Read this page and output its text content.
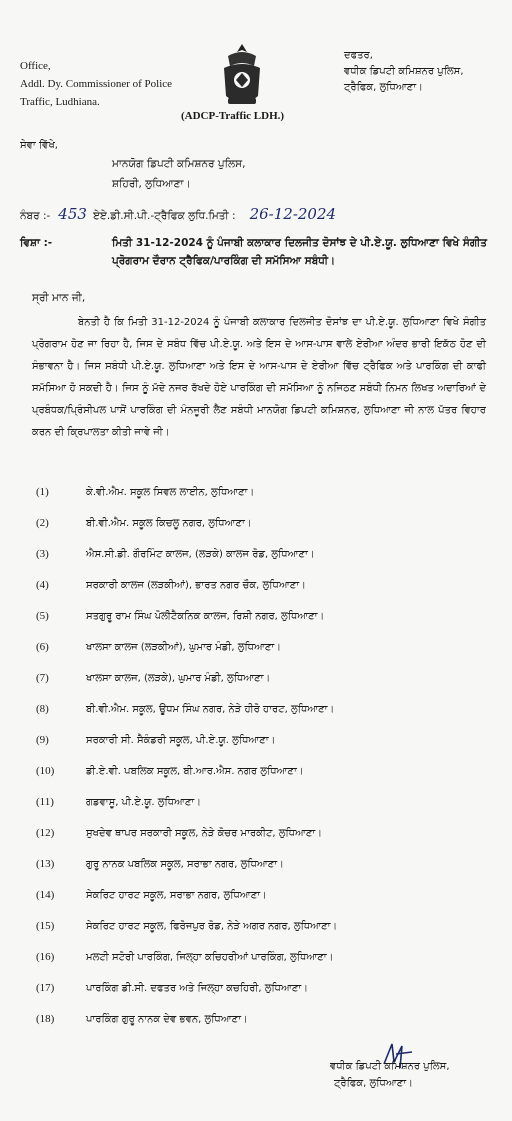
Office,
Addl. Dy. Commissioner of Police
Traffic, Ludhiana.
(ADCP-Traffic LDH.)
ਦਫਤਰ,
ਵਧੀਕ ਡਿਪਟੀ ਕਮਿਸ਼ਨਰ ਪੁਲਿਸ,
ਟ੍ਰੈਫਿਕ, ਲੁਧਿਆਣਾ।
ਸੇਵਾ ਵਿੱਖੇ,
ਮਾਨਯੋਗ ਡਿਪਟੀ ਕਮਿਸ਼ਨਰ ਪੁਲਿਸ,
ਸ਼ਹਿਰੀ, ਲੁਧਿਆਣਾ।
ਨੰਬਰ :- 453 ਏਏ.ਡੀ.ਸੀ.ਪੀ.-ਟ੍ਰੈਫਿਕ ਲੁਧਿ.ਮਿਤੀ : 26-12-2024
ਵਿਸ਼ਾ :-	ਮਿਤੀ 31-12-2024 ਨੂੰ ਪੰਜਾਬੀ ਕਲਾਕਾਰ ਦਿਲਜੀਤ ਦੋਸਾਂਝ ਦੇ ਪੀ.ਏ.ਯੂ. ਲੁਧਿਆਣਾ ਵਿਖੇ ਸੰਗੀਤ ਪ੍ਰੋਗਰਾਮ ਦੌਰਾਨ ਟ੍ਰੈਫਿਕ/ਪਾਰਕਿੰਗ ਦੀ ਸਮੱਸਿਆ ਸਬੰਧੀ।
ਸ੍ਰੀ ਮਾਨ ਜੀ,
ਬੇਨਤੀ ਹੈ ਕਿ ਮਿਤੀ 31-12-2024 ਨੂੰ ਪੰਜਾਬੀ ਕਲਾਕਾਰ ਦਿਲਜੀਤ ਦੋਸਾਂਝ ਦਾ ਪੀ.ਏ.ਯੂ. ਲੁਧਿਆਣਾ ਵਿਖੇ ਸੰਗੀਤ ਪ੍ਰੋਗਰਾਮ ਹੋਣ ਜਾ ਰਿਹਾ ਹੈ, ਜਿਸ ਦੇ ਸਬੰਧ ਵਿੱਚ ਪੀ.ਏ.ਯੂ. ਅਤੇ ਇਸ ਦੇ ਆਸ-ਪਾਸ ਵਾਲੇ ਏਰੀਆ ਅੰਦਰ ਭਾਰੀ ਇਕੱਠ ਹੋਣ ਦੀ ਸੰਭਾਵਨਾ ਹੈ। ਜਿਸ ਸਬੰਧੀ ਪੀ.ਏ.ਯੂ. ਲੁਧਿਆਣਾ ਅਤੇ ਇਸ ਦੇ ਆਸ-ਪਾਸ ਦੇ ਏਰੀਆ ਵਿੱਚ ਟ੍ਰੈਫਿਕ ਅਤੇ ਪਾਰਕਿੰਗ ਦੀ ਕਾਫੀ ਸਮੱਸਿਆ ਹੋ ਸਕਦੀ ਹੈ। ਜਿਸ ਨੂੰ ਮੱਦੇ ਨਜਰ ਰੱਖਦੇ ਹੋਏ ਪਾਰਕਿੰਗ ਦੀ ਸਮੱਸਿਆ ਨੂੰ ਨਜਿਠਣ ਸਬੰਧੀ ਨਿਮਨ ਲਿਖਤ ਅਦਾਰਿਆਂ ਦੇ ਪ੍ਰਬੰਧਕ/ਪ੍ਰਿੰਸੀਪਲ ਪਾਸੋਂ ਪਾਰਕਿੰਗ ਦੀ ਮੰਨਜੂਰੀ ਲੈਣ ਸਬੰਧੀ ਮਾਨਯੋਗ ਡਿਪਟੀ ਕਮਿਸ਼ਨਰ, ਲੁਧਿਆਣਾ ਜੀ ਨਾਲ ਪੱਤਰ ਵਿਹਾਰ ਕਰਨ ਦੀ ਕ੍ਰਿਪਾਲਤਾ ਕੀਤੀ ਜਾਵੇ ਜੀ।
(1)	ਕੇ.ਵੀ.ਐਮ. ਸਕੂਲ ਸਿਵਲ ਲਾਈਨ, ਲੁਧਿਆਣਾ।
(2)	ਬੀ.ਵੀ.ਐਮ. ਸਕੂਲ ਕਿਚਲੂ ਨਗਰ, ਲੁਧਿਆਣਾ।
(3)	ਐਸ.ਸੀ.ਡੀ. ਗੌਰਮਿੰਟ ਕਾਲਜ, (ਲੜਕੇ) ਕਾਲਜ ਰੋਡ, ਲੁਧਿਆਣਾ।
(4)	ਸਰਕਾਰੀ ਕਾਲਜ (ਲੜਕੀਆਂ), ਭਾਰਤ ਨਗਰ ਚੌਕ, ਲੁਧਿਆਣਾ।
(5)	ਸਤਗੁਰੂ ਰਾਮ ਸਿੰਘ ਪੋਲੀਟੈਕਨਿਕ ਕਾਲਜ, ਰਿਸ਼ੀ ਨਗਰ, ਲੁਧਿਆਣਾ।
(6)	ਖਾਲਸਾ ਕਾਲਜ (ਲੜਕੀਆਂ), ਘੁਮਾਰ ਮੰਡੀ, ਲੁਧਿਆਣਾ।
(7)	ਖਾਲਸਾ ਕਾਲਜ, (ਲੜਕੇ), ਘੁਮਾਰ ਮੰਡੀ, ਲੁਧਿਆਣਾ।
(8)	ਬੀ.ਵੀ.ਐਮ. ਸਕੂਲ, ਊਧਮ ਸਿੰਘ ਨਗਰ, ਨੇੜੇ ਹੀਰੋ ਹਾਰਟ, ਲੁਧਿਆਣਾ।
(9)	ਸਰਕਾਰੀ ਸੀ. ਸੈਕੰਡਰੀ ਸਕੂਲ, ਪੀ.ਏ.ਯੂ. ਲੁਧਿਆਣਾ।
(10)	ਡੀ.ਏ.ਵੀ. ਪਬਲਿਕ ਸਕੂਲ, ਬੀ.ਆਰ.ਐਸ. ਨਗਰ ਲੁਧਿਆਣਾ।
(11)	ਗਡਵਾਸੂ, ਪੀ.ਏ.ਯੂ. ਲੁਧਿਆਣਾ।
(12)	ਸੁਖਦੇਵ ਥਾਪਰ ਸਰਕਾਰੀ ਸਕੂਲ, ਨੇੜੇ ਕੋਚਰ ਮਾਰਕੀਟ, ਲੁਧਿਆਣਾ।
(13)	ਗੁਰੂ ਨਾਨਕ ਪਬਲਿਕ ਸਕੂਲ, ਸਰਾਭਾ ਨਗਰ, ਲੁਧਿਆਣਾ।
(14)	ਸੇਕਰਿਟ ਹਾਰਟ ਸਕੂਲ, ਸਰਾਭਾ ਨਗਰ, ਲੁਧਿਆਣਾ।
(15)	ਸੇਕਰਿਟ ਹਾਰਟ ਸਕੂਲ, ਫਿਰੋਜਪੁਰ ਰੋਡ, ਨੇੜੇ ਅਗਰ ਨਗਰ, ਲੁਧਿਆਣਾ।
(16)	ਮਲਟੀ ਸਟੋਰੀ ਪਾਰਕਿੰਗ, ਜਿਲ੍ਹਾ ਕਚਿਹਰੀਆਂ ਪਾਰਕਿੰਗ, ਲੁਧਿਆਣਾ।
(17)	ਪਾਰਕਿੰਗ ਡੀ.ਸੀ. ਦਫਤਰ ਅਤੇ ਜਿਲ੍ਹਾ ਕਚਹਿਰੀ, ਲੁਧਿਆਣਾ।
(18)	ਪਾਰਕਿੰਗ ਗੁਰੂ ਨਾਨਕ ਦੇਵ ਭਵਨ, ਲੁਧਿਆਣਾ।
ਵਧੀਕ ਡਿਪਟੀ ਕਮਿਸ਼ਨਰ ਪੁਲਿਸ,
ਟ੍ਰੈਫਿਕ, ਲੁਧਿਆਣਾ।
